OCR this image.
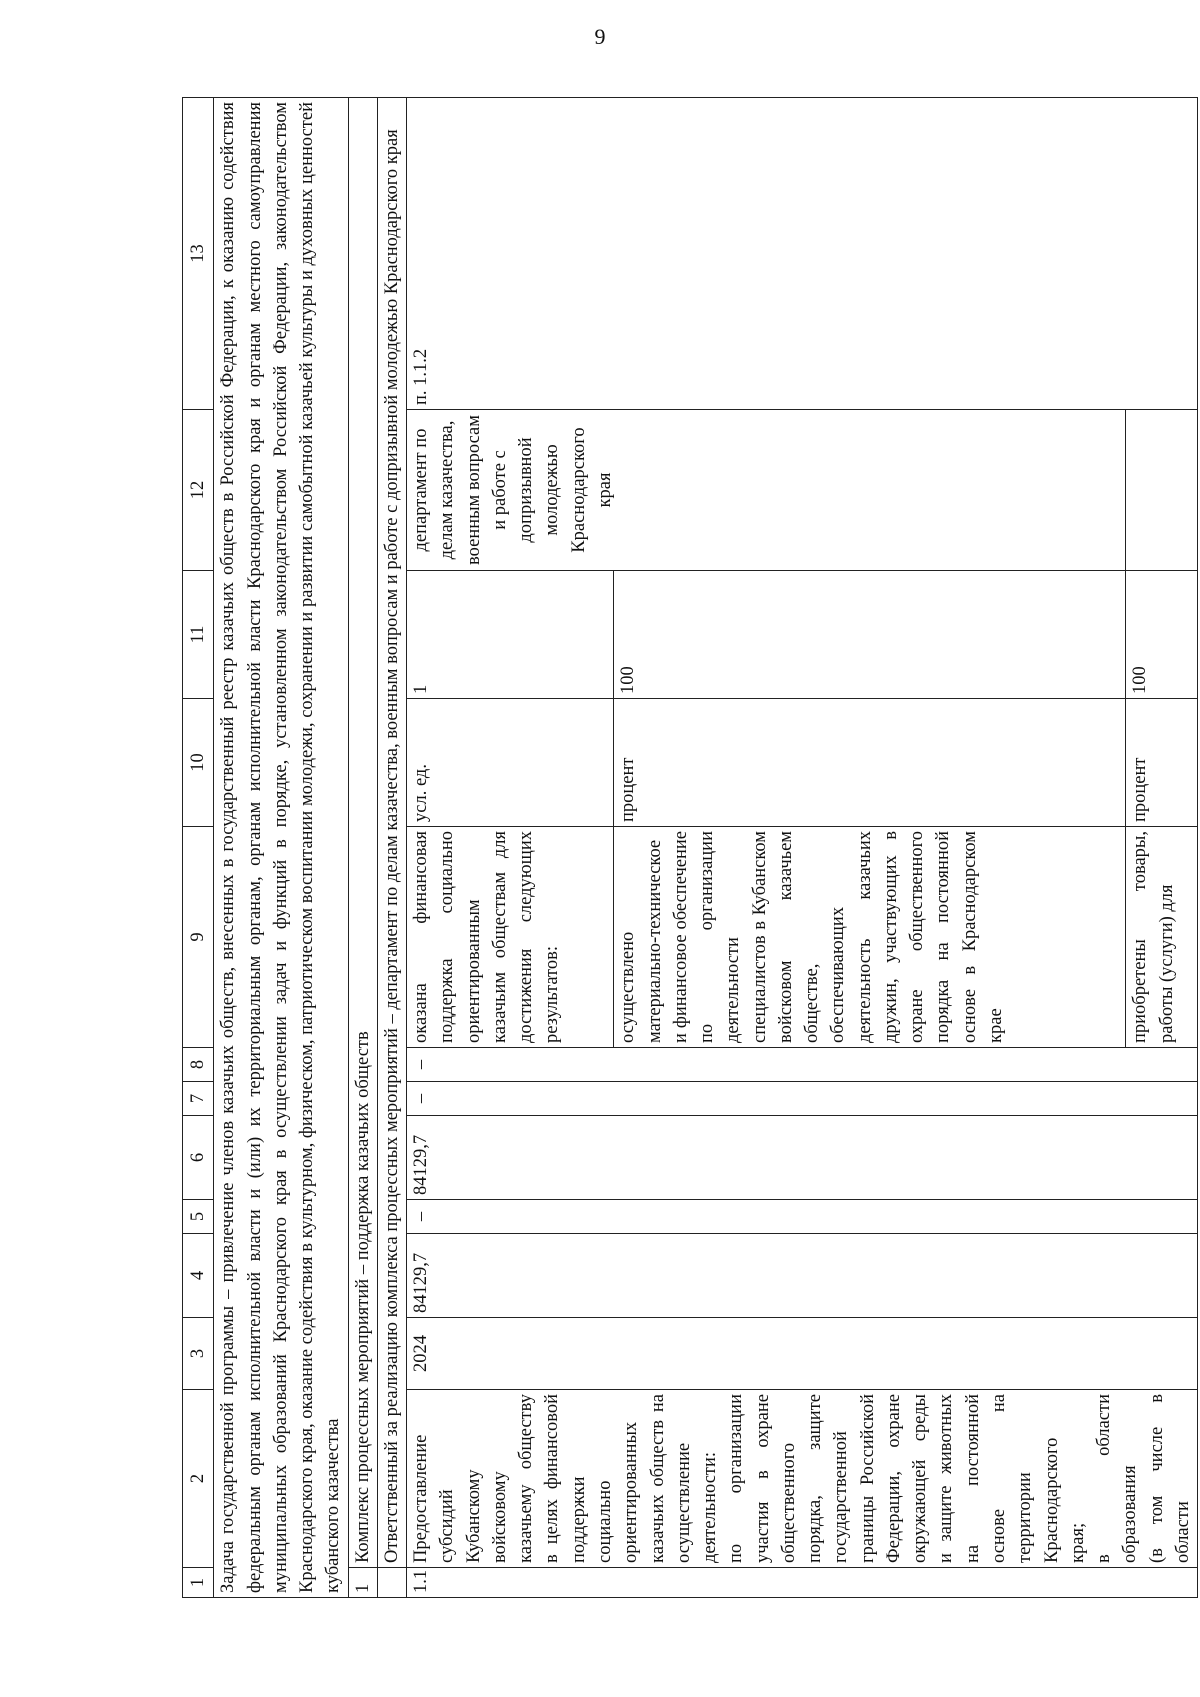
9
1	2	3	4	5	6	7	8	9	10	11	12	13
Задача государственной программы – привлечение членов казачьих обществ, внесенных в государственный реестр казачьих обществ в Российской Федерации, к оказанию содействия федеральным органам исполнительной власти и (или) их территориальным органам, органам исполнительной власти Краснодарского края и органам местного самоуправления муниципальных образований Краснодарского края в осуществлении задач и функций в порядке, установленном законодательством Российской Федерации, законодательством Краснодарского края, оказание содействия в культурном, физическом, патриотическом воспитании молодежи, сохранении и развитии самобытной казачьей культуры и духовных ценностей кубанского казачества												
1	Комплекс процессных мероприятий – поддержка казачьих обществ											
	Ответственный за реализацию комплекса процессных мероприятий – департамент по делам казачества, военным вопросам и работе с допризывной молодежью Краснодарского края											
1.1	Предоставление субсидий Кубанскому войсковому казачьему обществу в целях финансовой поддержки социально ориентированных казачьих обществ на осуществление деятельности: по организации участия в охране общественного порядка, защите государственной границы Российской Федерации, охране окружающей среды и защите животных на постоянной основе на территории Краснодарского края; в области образования (в том числе в области	2024	84129,7	–	84129,7	–	–	оказана финансовая поддержка социально ориентированным казачьим обществам для достижения следующих результатов:	усл. ед.	1	департамент по делам казачества, военным вопросам и работе с допризывной молодежью Краснодарского края	п. 1.1.2
								осуществлено материально-техническое и финансовое обеспечение по организации деятельности специалистов в Кубанском войсковом казачьем обществе, обеспечивающих деятельность казачьих дружин, участвующих в охране общественного порядка на постоянной основе в Краснодарском крае	процент	100		
								приобретены товары, работы (услуги) для	процент	100		
